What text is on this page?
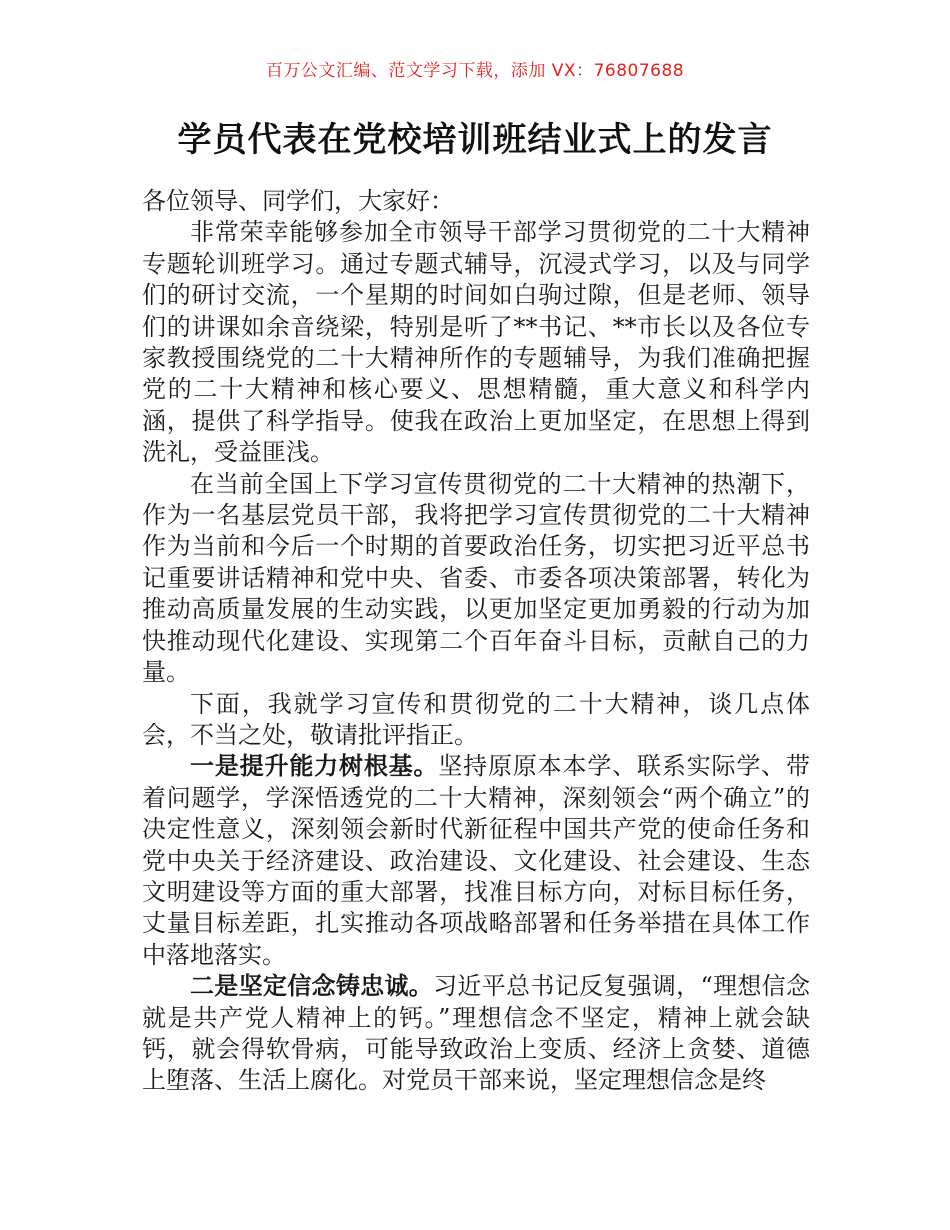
百万公文汇编、范文学习下载，添加 VX：76807688
学员代表在党校培训班结业式上的发言

各位领导、同学们，大家好：

非常荣幸能够参加全市领导干部学习贯彻党的二十大精神专题轮训班学习。通过专题式辅导，沉浸式学习，以及与同学们的研讨交流，一个星期的时间如白驹过隙，但是老师、领导们的讲课如余音绕梁，特别是听了**书记、**市长以及各位专家教授围绕党的二十大精神所作的专题辅导，为我们准确把握党的二十大精神和核心要义、思想精髓，重大意义和科学内涵，提供了科学指导。使我在政治上更加坚定，在思想上得到洗礼，受益匪浅。

在当前全国上下学习宣传贯彻党的二十大精神的热潮下，作为一名基层党员干部，我将把学习宣传贯彻党的二十大精神作为当前和今后一个时期的首要政治任务，切实把习近平总书记重要讲话精神和党中央、省委、市委各项决策部署，转化为推动高质量发展的生动实践，以更加坚定更加勇毅的行动为加快推动现代化建设、实现第二个百年奋斗目标，贡献自己的力量。

下面，我就学习宣传和贯彻党的二十大精神，谈几点体会，不当之处，敬请批评指正。

一是提升能力树根基。坚持原原本本学、联系实际学、带着问题学，学深悟透党的二十大精神，深刻领会“两个确立”的决定性意义，深刻领会新时代新征程中国共产党的使命任务和党中央关于经济建设、政治建设、文化建设、社会建设、生态文明建设等方面的重大部署，找准目标方向，对标目标任务，丈量目标差距，扎实推动各项战略部署和任务举措在具体工作中落地落实。

二是坚定信念铸忠诚。习近平总书记反复强调，“理想信念就是共产党人精神上的钙。”理想信念不坚定，精神上就会缺钙，就会得软骨病，可能导致政治上变质、经济上贪婪、道德上堕落、生活上腐化。对党员干部来说，坚定理想信念是终
